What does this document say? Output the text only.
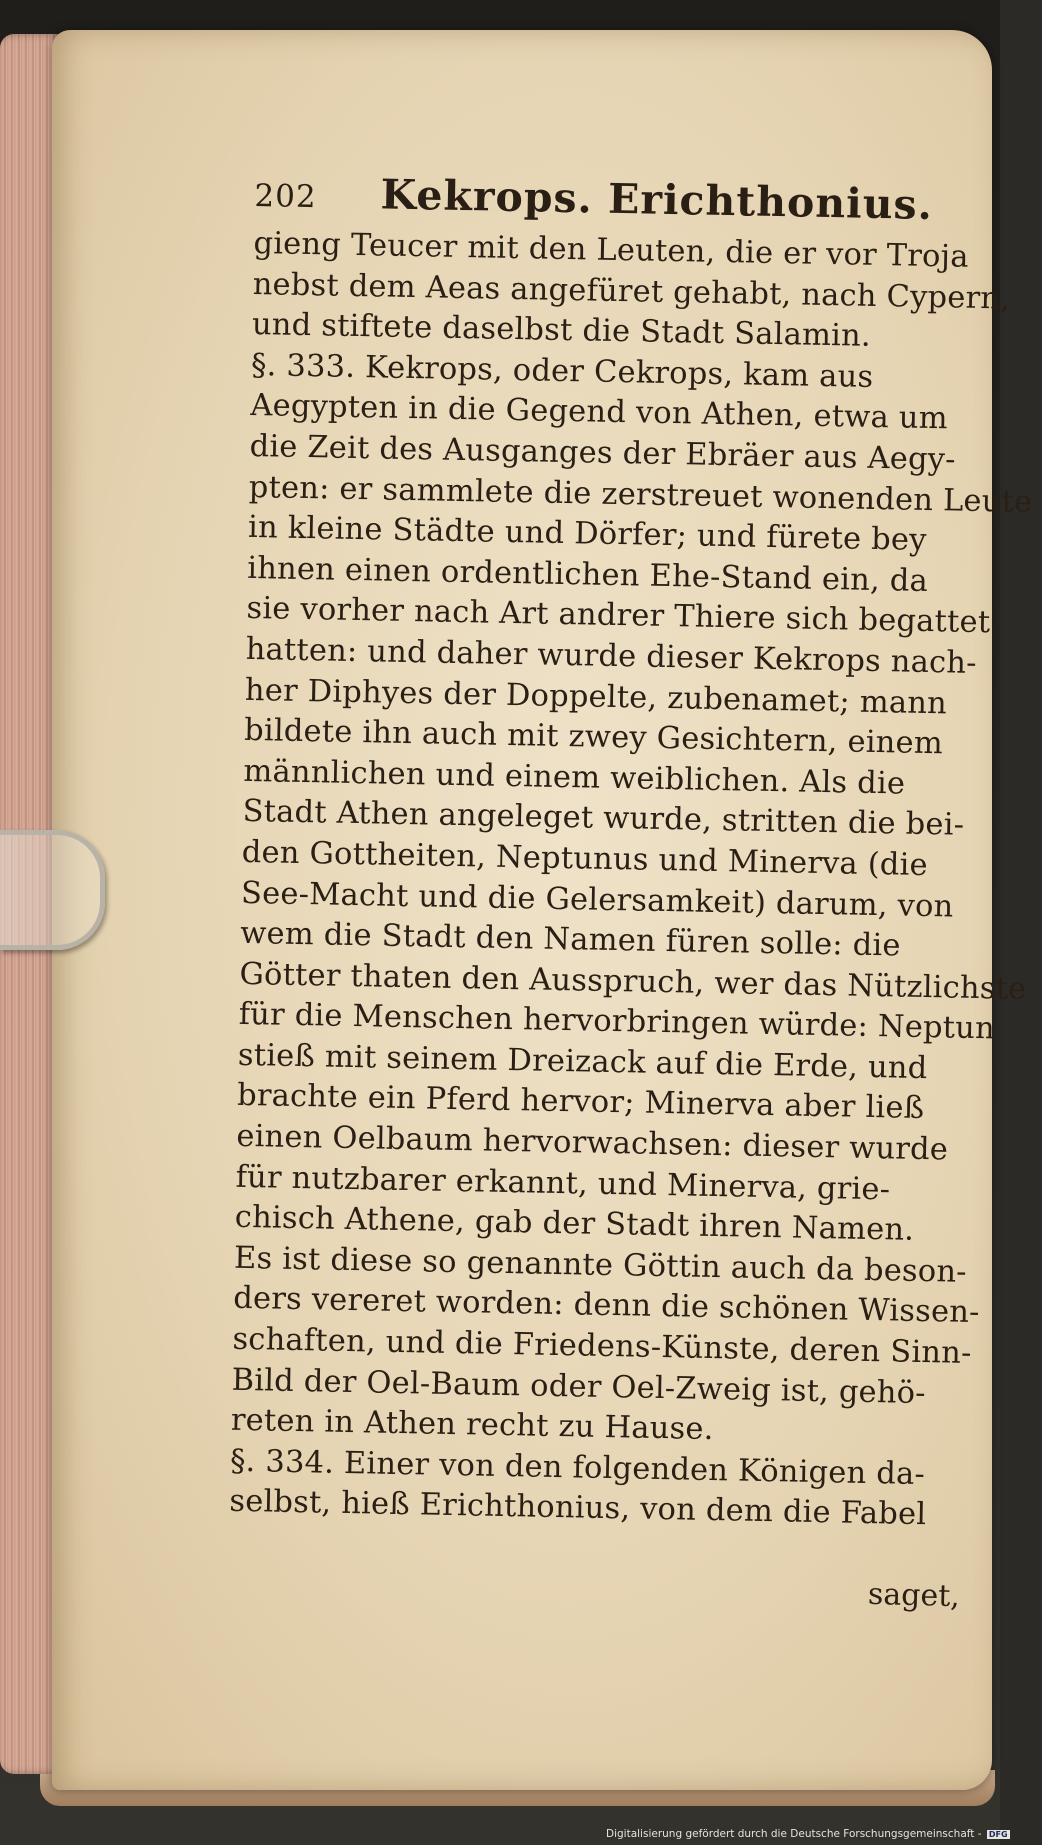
202 Kekrops. Erichthonius.
gieng Teucer mit den Leuten, die er vor Troja
nebst dem Aeas angefüret gehabt, nach Cypern,
und stiftete daselbst die Stadt Salamin.
§. 333. Kekrops, oder Cekrops, kam aus
Aegypten in die Gegend von Athen, etwa um
die Zeit des Ausganges der Ebräer aus Aegy-
pten: er sammlete die zerstreuet wonenden Leute
in kleine Städte und Dörfer; und fürete bey
ihnen einen ordentlichen Ehe-Stand ein, da
sie vorher nach Art andrer Thiere sich begattet
hatten: und daher wurde dieser Kekrops nach-
her Diphyes der Doppelte, zubenamet; mann
bildete ihn auch mit zwey Gesichtern, einem
männlichen und einem weiblichen. Als die
Stadt Athen angeleget wurde, stritten die bei-
den Gottheiten, Neptunus und Minerva (die
See-Macht und die Gelersamkeit) darum, von
wem die Stadt den Namen füren solle: die
Götter thaten den Ausspruch, wer das Nützlichste
für die Menschen hervorbringen würde: Neptun
stieß mit seinem Dreizack auf die Erde, und
brachte ein Pferd hervor; Minerva aber ließ
einen Oelbaum hervorwachsen: dieser wurde
für nutzbarer erkannt, und Minerva, grie-
chisch Athene, gab der Stadt ihren Namen.
Es ist diese so genannte Göttin auch da beson-
ders vereret worden: denn die schönen Wissen-
schaften, und die Friedens-Künste, deren Sinn-
Bild der Oel-Baum oder Oel-Zweig ist, gehö-
reten in Athen recht zu Hause.
§. 334. Einer von den folgenden Königen da-
selbst, hieß Erichthonius, von dem die Fabel
saget,
Digitalisierung gefördert durch die Deutsche Forschungsgemeinschaft - DFG
